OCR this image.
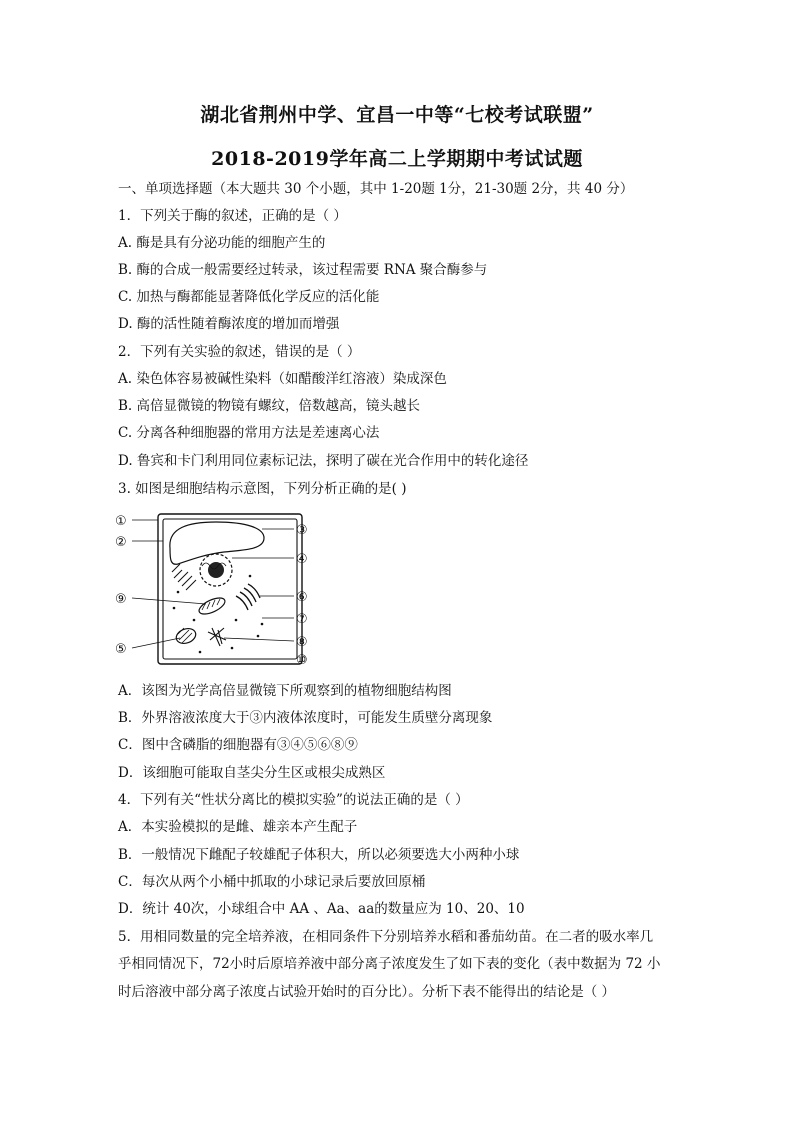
湖北省荆州中学、宜昌一中等“七校考试联盟”
2018-2019学年高二上学期期中考试试题
一、单项选择题（本大题共 30 个小题，其中 1-20题 1分，21-30题 2分，共 40 分）
1．下列关于酶的叙述，正确的是（ ）
A. 酶是具有分泌功能的细胞产生的
B. 酶的合成一般需要经过转录，该过程需要 RNA 聚合酶参与
C. 加热与酶都能显著降低化学反应的活化能
D. 酶的活性随着酶浓度的增加而增强
2．下列有关实验的叙述，错误的是（ ）
A. 染色体容易被碱性染料（如醋酸洋红溶液）染成深色
B. 高倍显微镜的物镜有螺纹，倍数越高，镜头越长
C. 分离各种细胞器的常用方法是差速离心法
D. 鲁宾和卡门利用同位素标记法，探明了碳在光合作用中的转化途径
3. 如图是细胞结构示意图，下列分析正确的是( )
①
②
③
④
⑤
⑥
⑦
⑧
⑨
⑩
A．该图为光学高倍显微镜下所观察到的植物细胞结构图
B．外界溶液浓度大于③内液体浓度时，可能发生质壁分离现象
C．图中含磷脂的细胞器有③④⑤⑥⑧⑨
D．该细胞可能取自茎尖分生区或根尖成熟区
4．下列有关“性状分离比的模拟实验”的说法正确的是（ ）
A．本实验模拟的是雌、雄亲本产生配子
B．一般情况下雌配子较雄配子体积大，所以必须要选大小两种小球
C．每次从两个小桶中抓取的小球记录后要放回原桶
D．统计 40次，小球组合中 AA 、Aa、aa的数量应为 10、20、10
5．用相同数量的完全培养液，在相同条件下分别培养水稻和番茄幼苗。在二者的吸水率几
乎相同情况下，72小时后原培养液中部分离子浓度发生了如下表的变化（表中数据为 72 小
时后溶液中部分离子浓度占试验开始时的百分比）。分析下表不能得出的结论是（ ）
